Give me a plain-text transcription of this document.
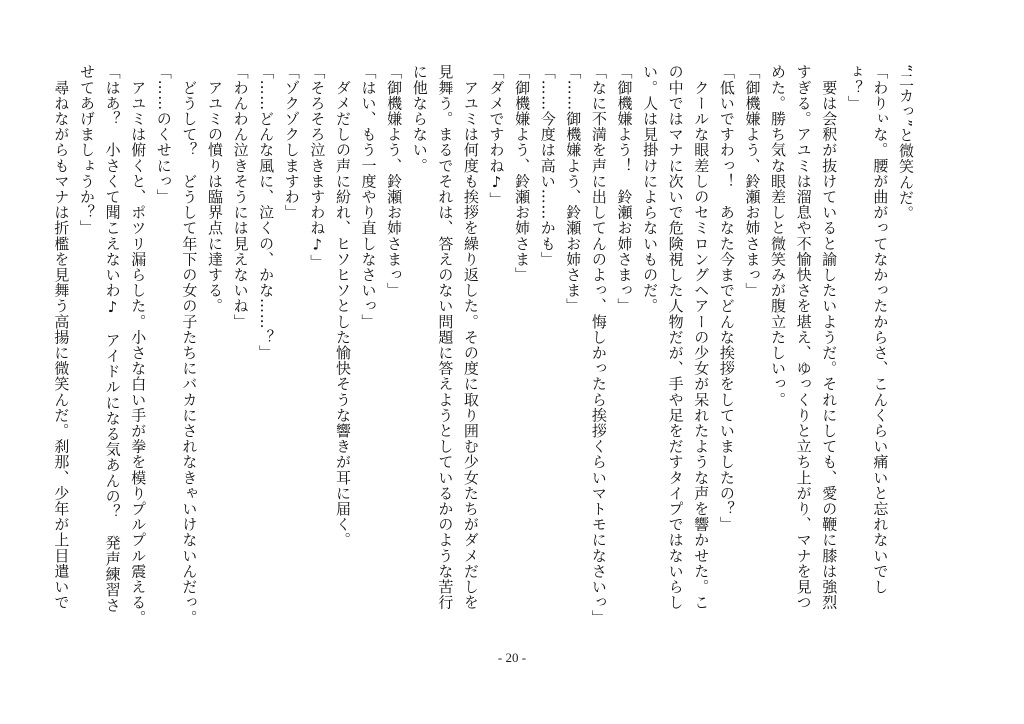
“二カっ”と微笑んだ。

「わりぃな。腰が曲がってなかったからさ、こんくらい痛いと忘れないでし

ょ？」

　要は会釈が抜けていると諭したいようだ。それにしても、愛の鞭に膝は強烈

すぎる。アユミは溜息や不愉快さを堪え、ゆっくりと立ち上がり、マナを見つ

めた。勝ち気な眼差しと微笑みが腹立たしいっ。

「御機嫌よう、鈴瀬お姉さまっ」

「低いですわっ！　あなた今までどんな挨拶をしていましたの？」

　クールな眼差しのセミロングヘアーの少女が呆れたような声を響かせた。こ

の中ではマナに次いで危険視した人物だが、手や足をだすタイプではないらし

い。人は見掛けによらないものだ。

「御機嫌よう！　鈴瀬お姉さまっ」

「なに不満を声に出してんのよっ、悔しかったら挨拶くらいマトモになさいっ」

「……御機嫌よう、鈴瀬お姉さま」

「……今度は高い……かも」

「御機嫌よう、鈴瀬お姉さま」

「ダメですわね♪」

　アユミは何度も挨拶を繰り返した。その度に取り囲む少女たちがダメだしを

見舞う。まるでそれは、答えのない問題に答えようとしているかのような苦行

に他ならない。

「御機嫌よう、鈴瀬お姉さまっ」

「はい、もう一度やり直しなさいっ」

　ダメだしの声に紛れ、ヒソヒソとした愉快そうな響きが耳に届く。

「そろそろ泣きますわね♪」

「ゾクゾクしますわ」

「……どんな風に、泣くの、かな……？」

「わんわん泣きそうには見えないね」

　アユミの憤りは臨界点に達する。

　どうして？　どうして年下の女の子たちにバカにされなきゃいけないんだっ。

「……のくせにっ」

　アユミは俯くと、ポツリ漏らした。小さな白い手が拳を模りプルプル震える。

「はあ？　小さくて聞こえないわ♪　アイドルになる気あんの？　発声練習さ

せてあげましょうか？」

　尋ねながらもマナは折檻を見舞う高揚に微笑んだ。刹那、少年が上目遣いで

- 20 -
